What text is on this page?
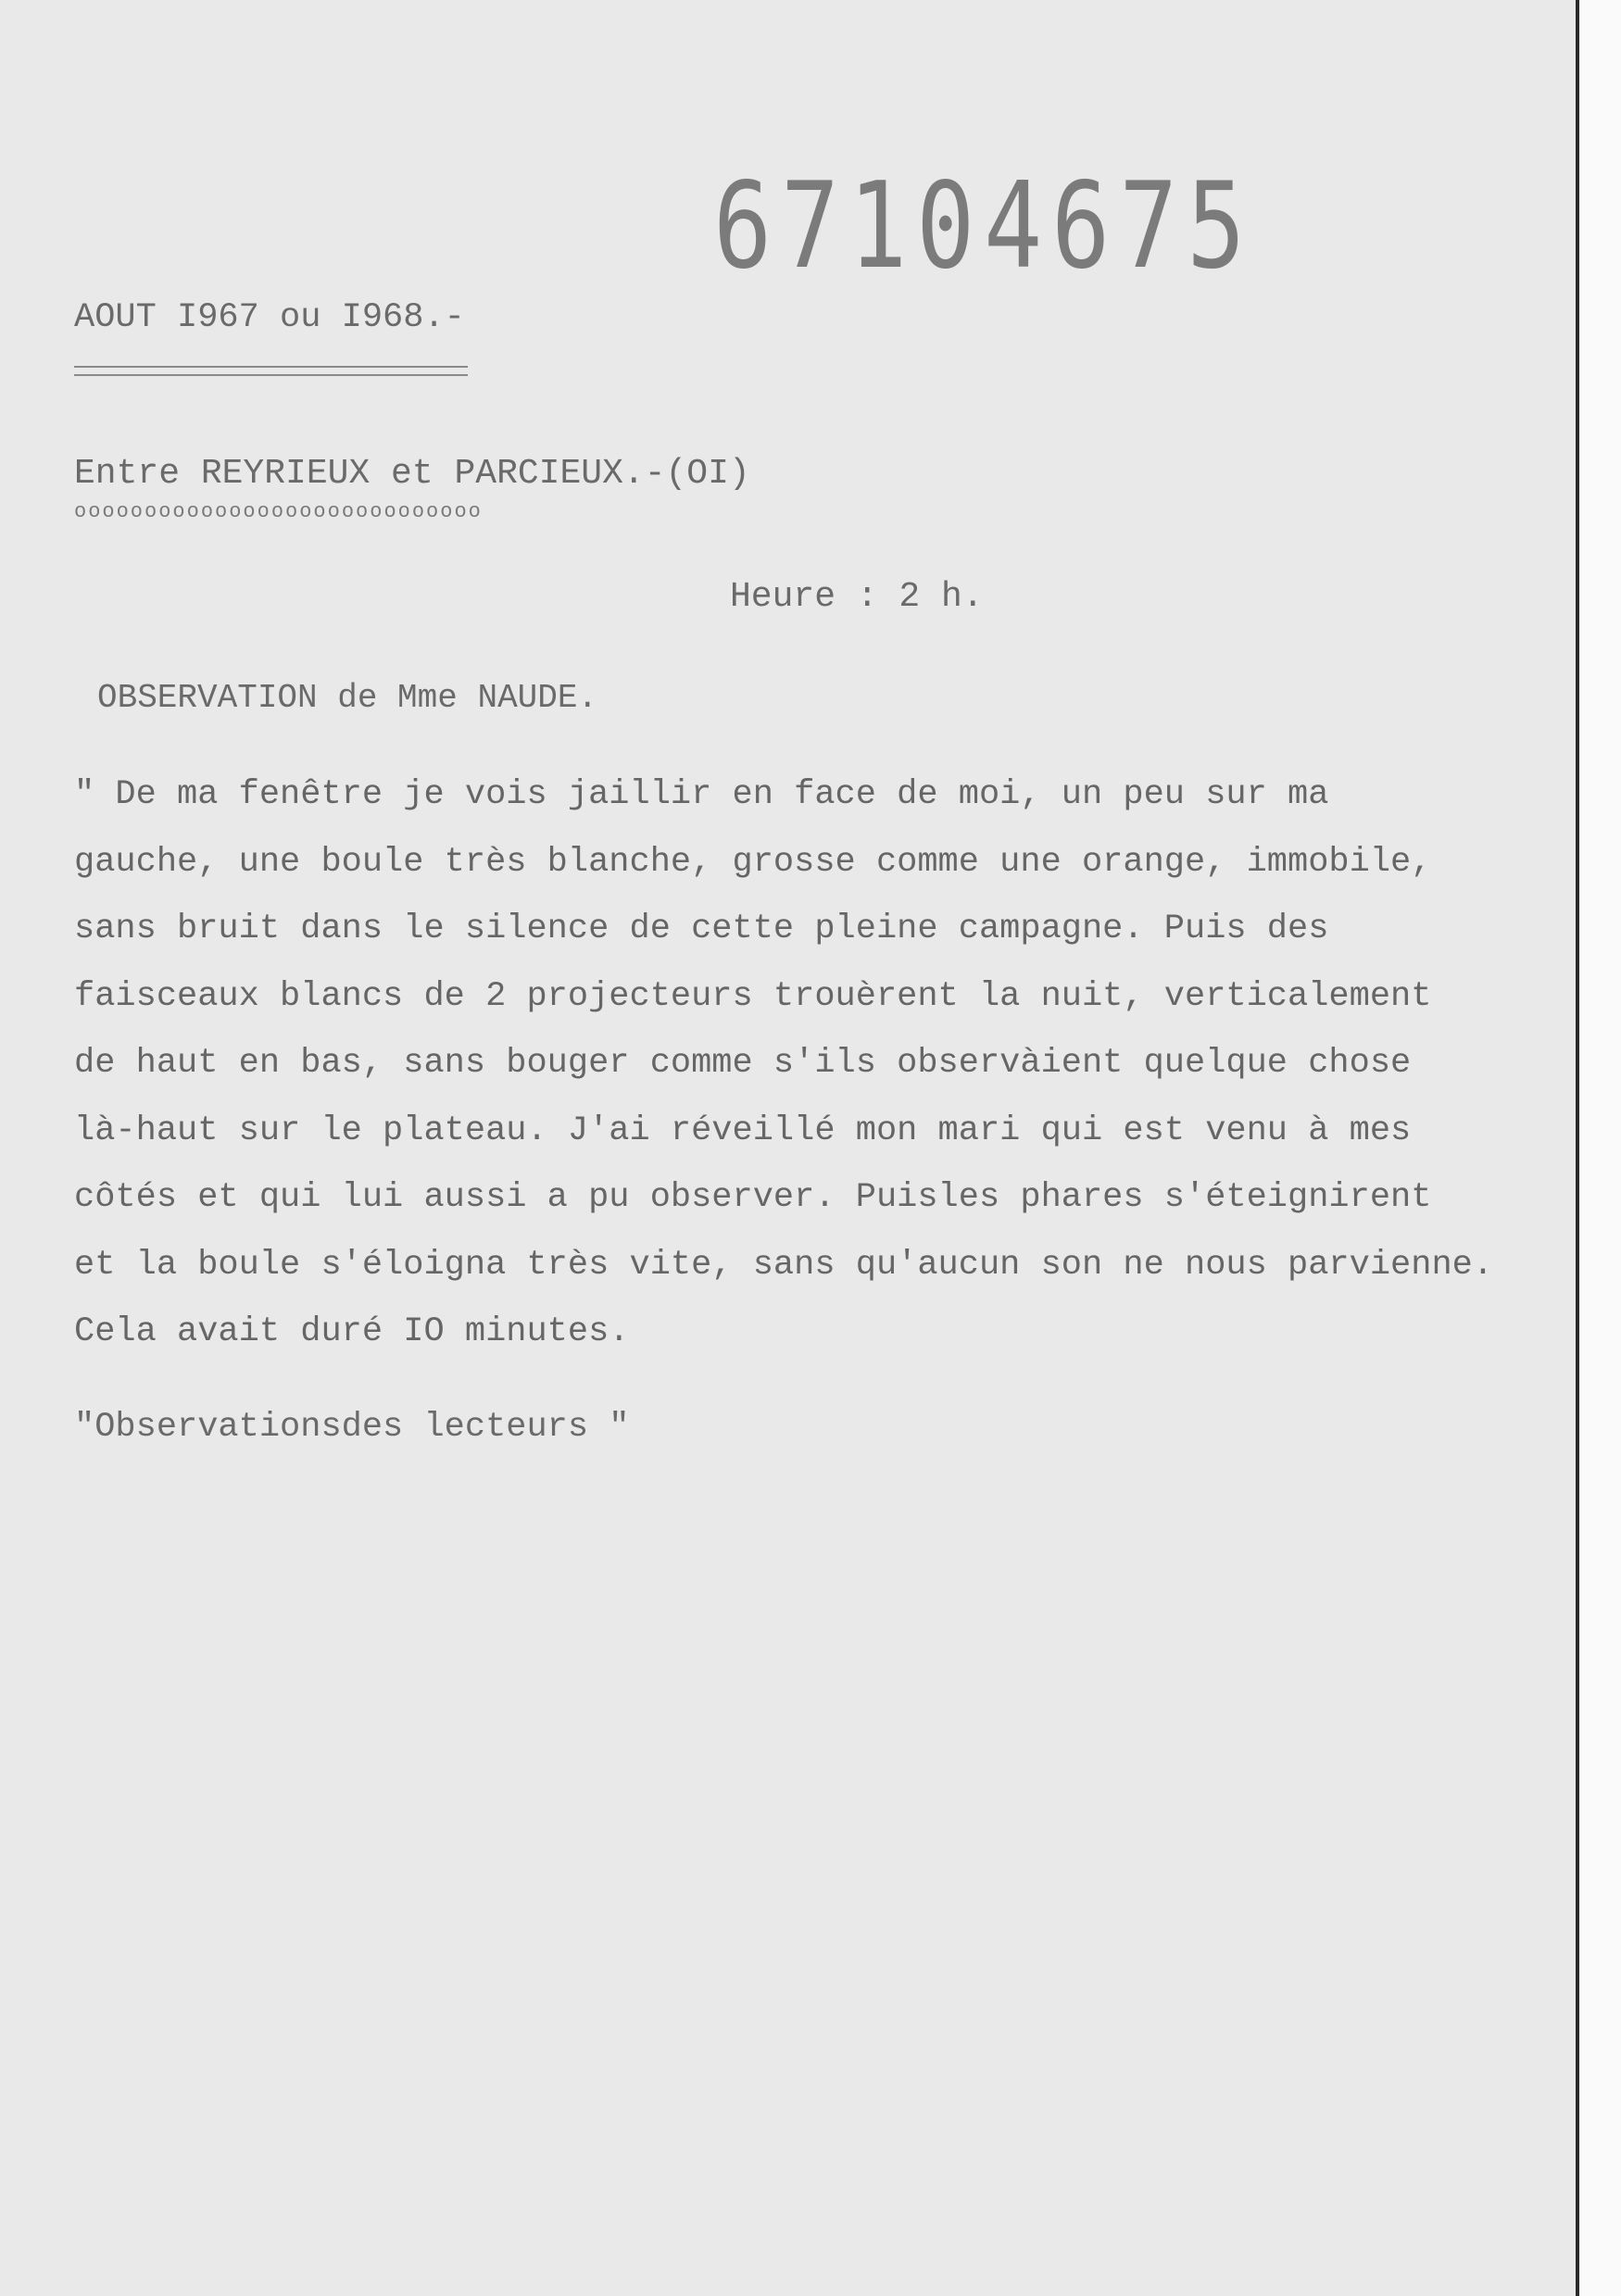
67104675

AOUT I967 ou I968.-

Entre REYRIEUX et PARCIEUX.-(OI)

ooooooooooooooooooooooooooooo

Heure : 2 h.

OBSERVATION de Mme NAUDE.

" De ma fenêtre je vois jaillir en face de moi, un peu sur ma
gauche, une boule très blanche, grosse comme une orange, immobile,
sans bruit dans le silence de cette pleine campagne. Puis des
faisceaux blancs de 2 projecteurs trouèrent la nuit, verticalement
de haut en bas, sans bouger comme s'ils observàient quelque chose
là-haut sur le plateau. J'ai réveillé mon mari qui est venu à mes
côtés et qui lui aussi a pu observer. Puisles phares s'éteignirent
et la boule s'éloigna très vite, sans qu'aucun son ne nous parvienne.
Cela avait duré IO minutes.

"Observationsdes lecteurs "
